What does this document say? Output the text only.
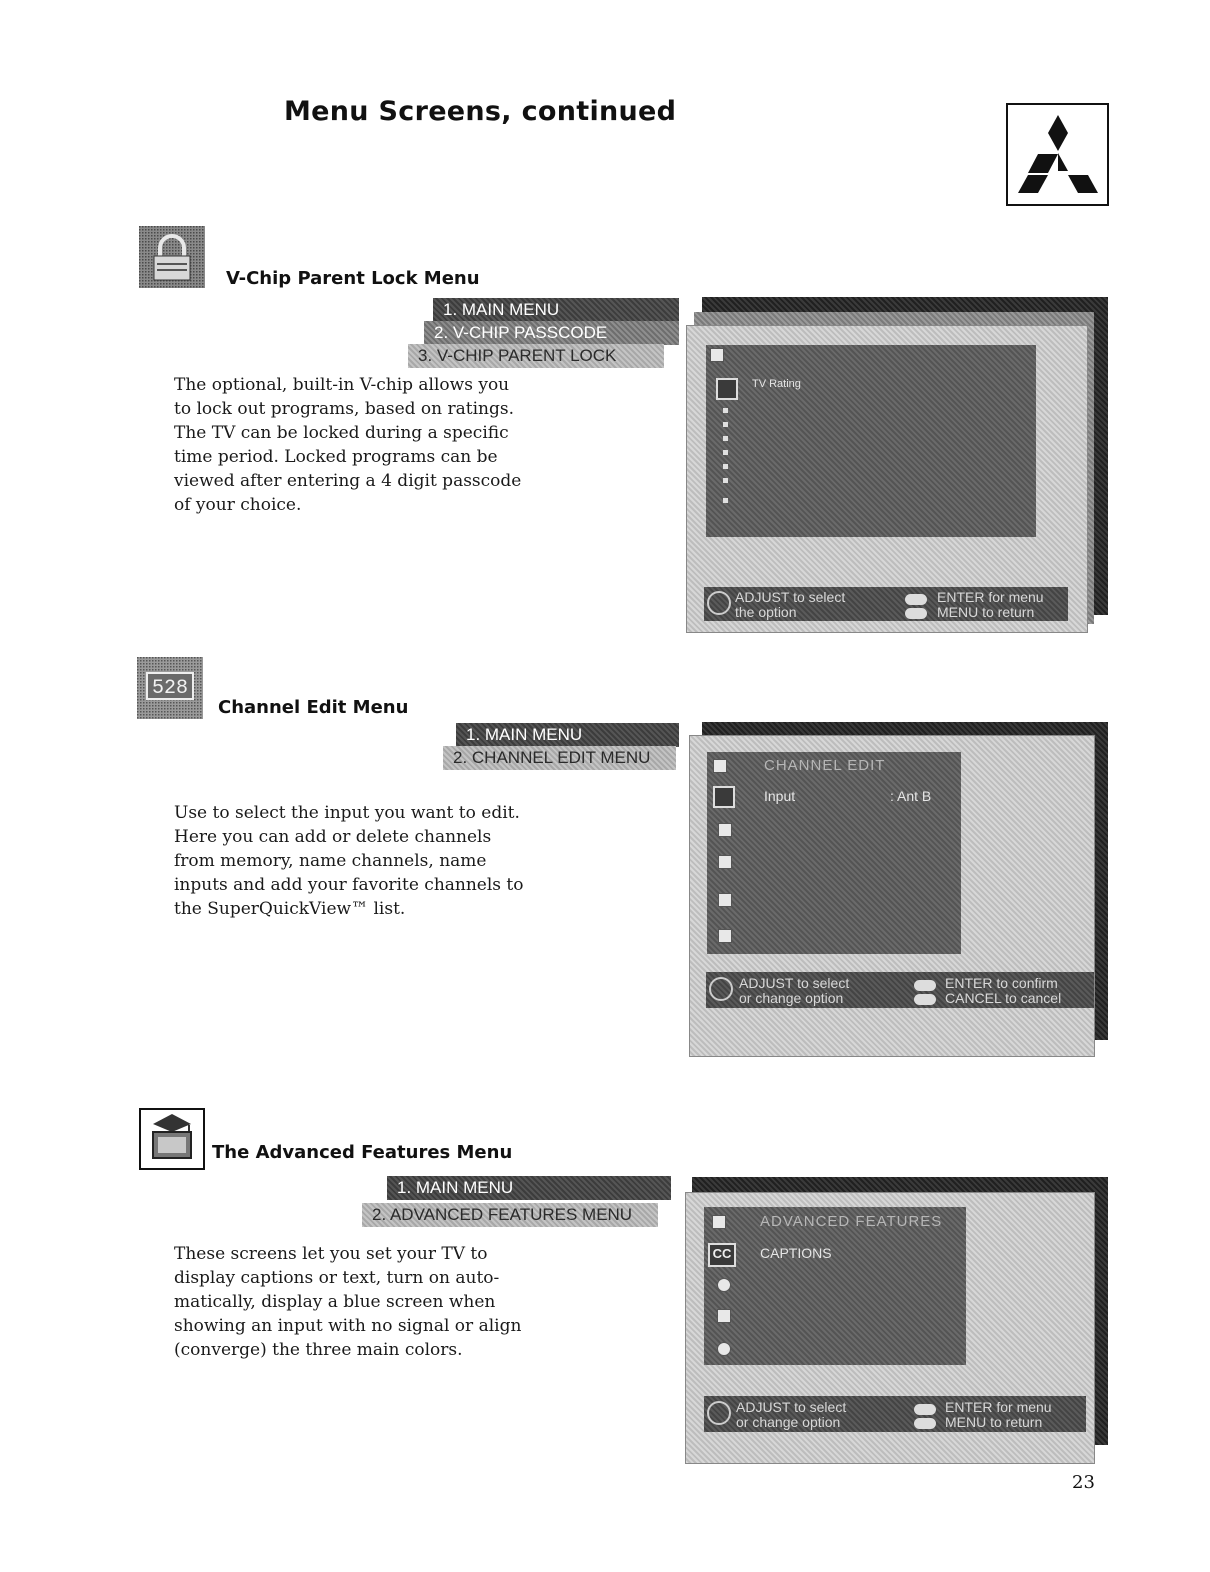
Menu Screens, continued
V-Chip Parent Lock Menu
1. MAIN MENU
2. V-CHIP PASSCODE
3. V-CHIP PARENT LOCK
The optional, built-in V-chip allows you
to lock out programs, based on ratings.
The TV can be locked during a specific
time period. Locked programs can be
viewed after entering a 4 digit passcode
of your choice.
TV Rating
ADJUST to select
the option
ENTER for menu
MENU to return
528
Channel Edit Menu
1. MAIN MENU
2. CHANNEL EDIT MENU
Use to select the input you want to edit.
Here you can add or delete channels
from memory, name channels, name
inputs and add your favorite channels to
the SuperQuickView™ list.
CHANNEL EDIT
Input	: Ant B
ADJUST to select
or change option
ENTER to confirm
CANCEL to cancel
The Advanced Features Menu
1. MAIN MENU
2. ADVANCED FEATURES MENU
These screens let you set your TV to
display captions or text, turn on auto-
matically, display a blue screen when
showing an input with no signal or align
(converge) the three main colors.
ADVANCED FEATURES
CC	CAPTIONS
ADJUST to select
or change option
ENTER for menu
MENU to return
23
